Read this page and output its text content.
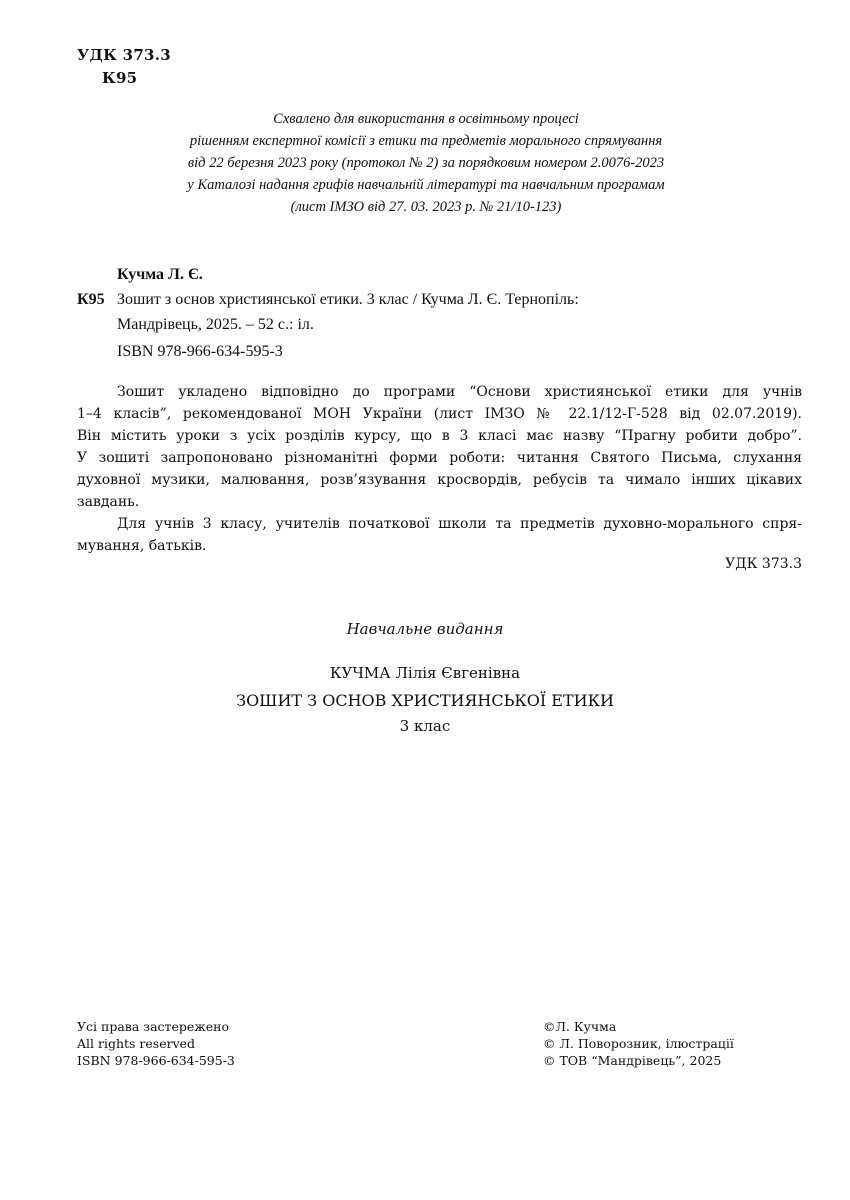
УДК 373.3
К95
Схвалено для використання в освітньому процесі
рішенням експертної комісії з етики та предметів морального спрямування
від 22 березня 2023 року (протокол № 2) за порядковим номером 2.0076-2023
у Каталозі надання грифів навчальній літературі та навчальним програмам
(лист ІМЗО від 27. 03. 2023 р. № 21/10-123)
Кучма Л. Є.
К95 Зошит з основ християнської етики. 3 клас / Кучма Л. Є. Тернопіль:
Мандрівець, 2025. – 52 с.: іл.
ISBN 978-966-634-595-3

Зошит укладено відповідно до програми “Основи християнської етики для учнів
1–4 класів”, рекомендованої МОН України (лист ІМЗО № 22.1/12-Г-528 від 02.07.2019).
Він містить уроки з усіх розділів курсу, що в 3 класі має назву “Прагну робити добро”.
У зошиті запропоновано різноманітні форми роботи: читання Святого Письма, слухання
духовної музики, малювання, розв’язування кросвордів, ребусів та чимало інших цікавих
завдань.

Для учнів 3 класу, учителів початкової школи та предметів духовно-морального спря-
мування, батьків.

УДК 373.3
Навчальне видання
КУЧМА Лілія Євгенівна
ЗОШИТ З ОСНОВ ХРИСТИЯНСЬКОЇ ЕТИКИ
3 клас
Усі права застережено
All rights reserved
ISBN 978-966-634-595-3
©Л. Кучма
© Л. Поворозник, ілюстрації
© ТОВ “Мандрівець”, 2025
